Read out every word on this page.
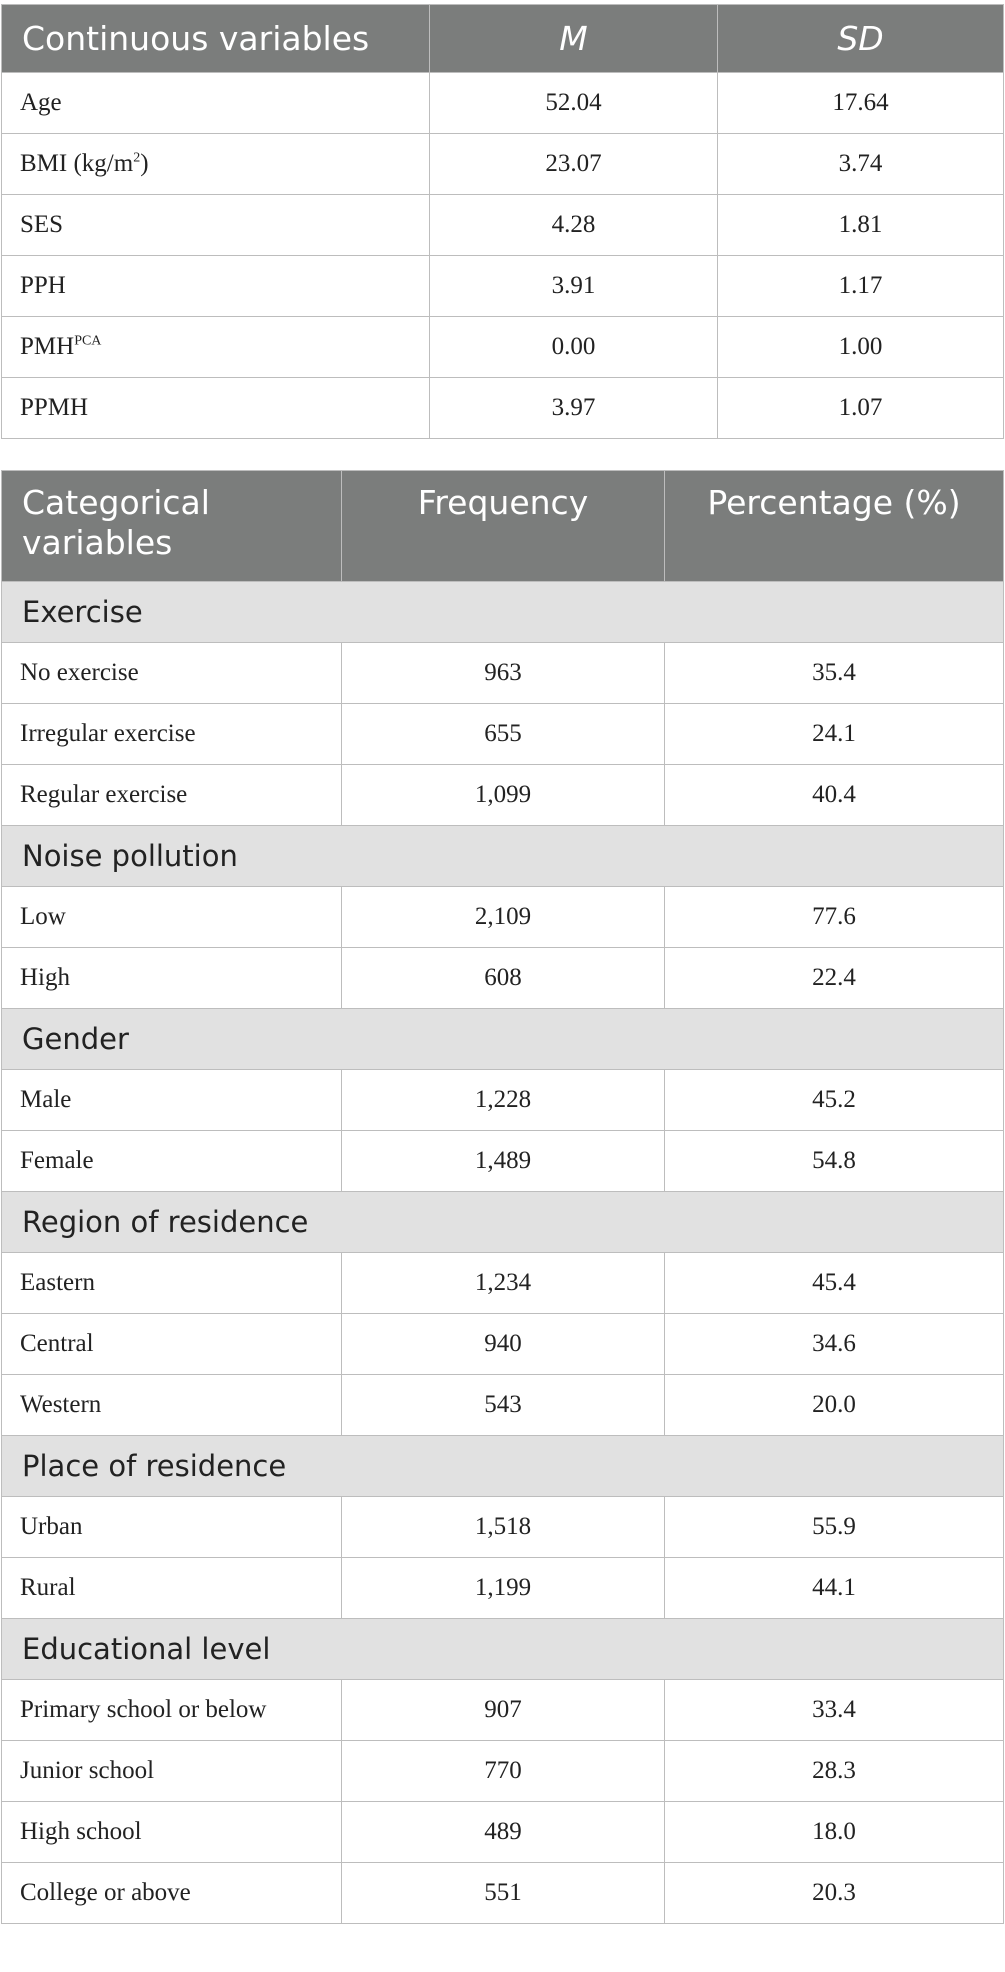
Continuous variables	M	SD
Age	52.04	17.64
BMI $(kg/m^2)$	23.07	3.74
SES	4.28	1.81
PPH	3.91	1.17
$PMH^{PCA}$	0.00	1.00
PPMH	3.97	1.07
Categorical variables	Frequency	Percentage (%)
Exercise		
No exercise	963	35.4
Irregular exercise	655	24.1
Regular exercise	1,099	40.4
Noise pollution		
Low	2,109	77.6
High	608	22.4
Gender		
Male	1,228	45.2
Female	1,489	54.8
Region of residence		
Eastern	1,234	45.4
Central	940	34.6
Western	543	20.0
Place of residence		
Urban	1,518	55.9
Rural	1,199	44.1
Educational level		
Primary school or below	907	33.4
Junior school	770	28.3
High school	489	18.0
College or above	551	20.3
